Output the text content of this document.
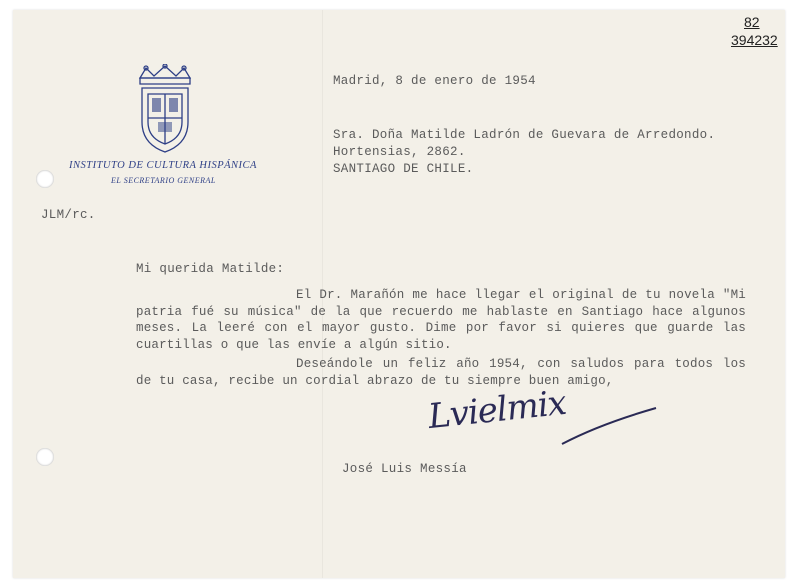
82
394232
INSTITUTO DE CULTURA HISPÁNICA
EL SECRETARIO GENERAL
Madrid, 8 de enero de 1954
Sra. Doña Matilde Ladrón de Guevara de Arredondo.
Hortensias, 2862.
SANTIAGO DE CHILE.
JLM/rc.
Mi querida Matilde:
El Dr. Marañón me hace llegar el original de tu novela "Mi patria fué su música" de la que recuerdo me hablaste en Santiago hace algunos meses. La leeré con el mayor gusto. Dime por favor si quieres que guarde las cuartillas o que las envíe a algún sitio.
Deseándole un feliz año 1954, con saludos para todos los de tu casa, recibe un cordial abrazo de tu siempre buen amigo,
Lvielmix
José Luis Messía
